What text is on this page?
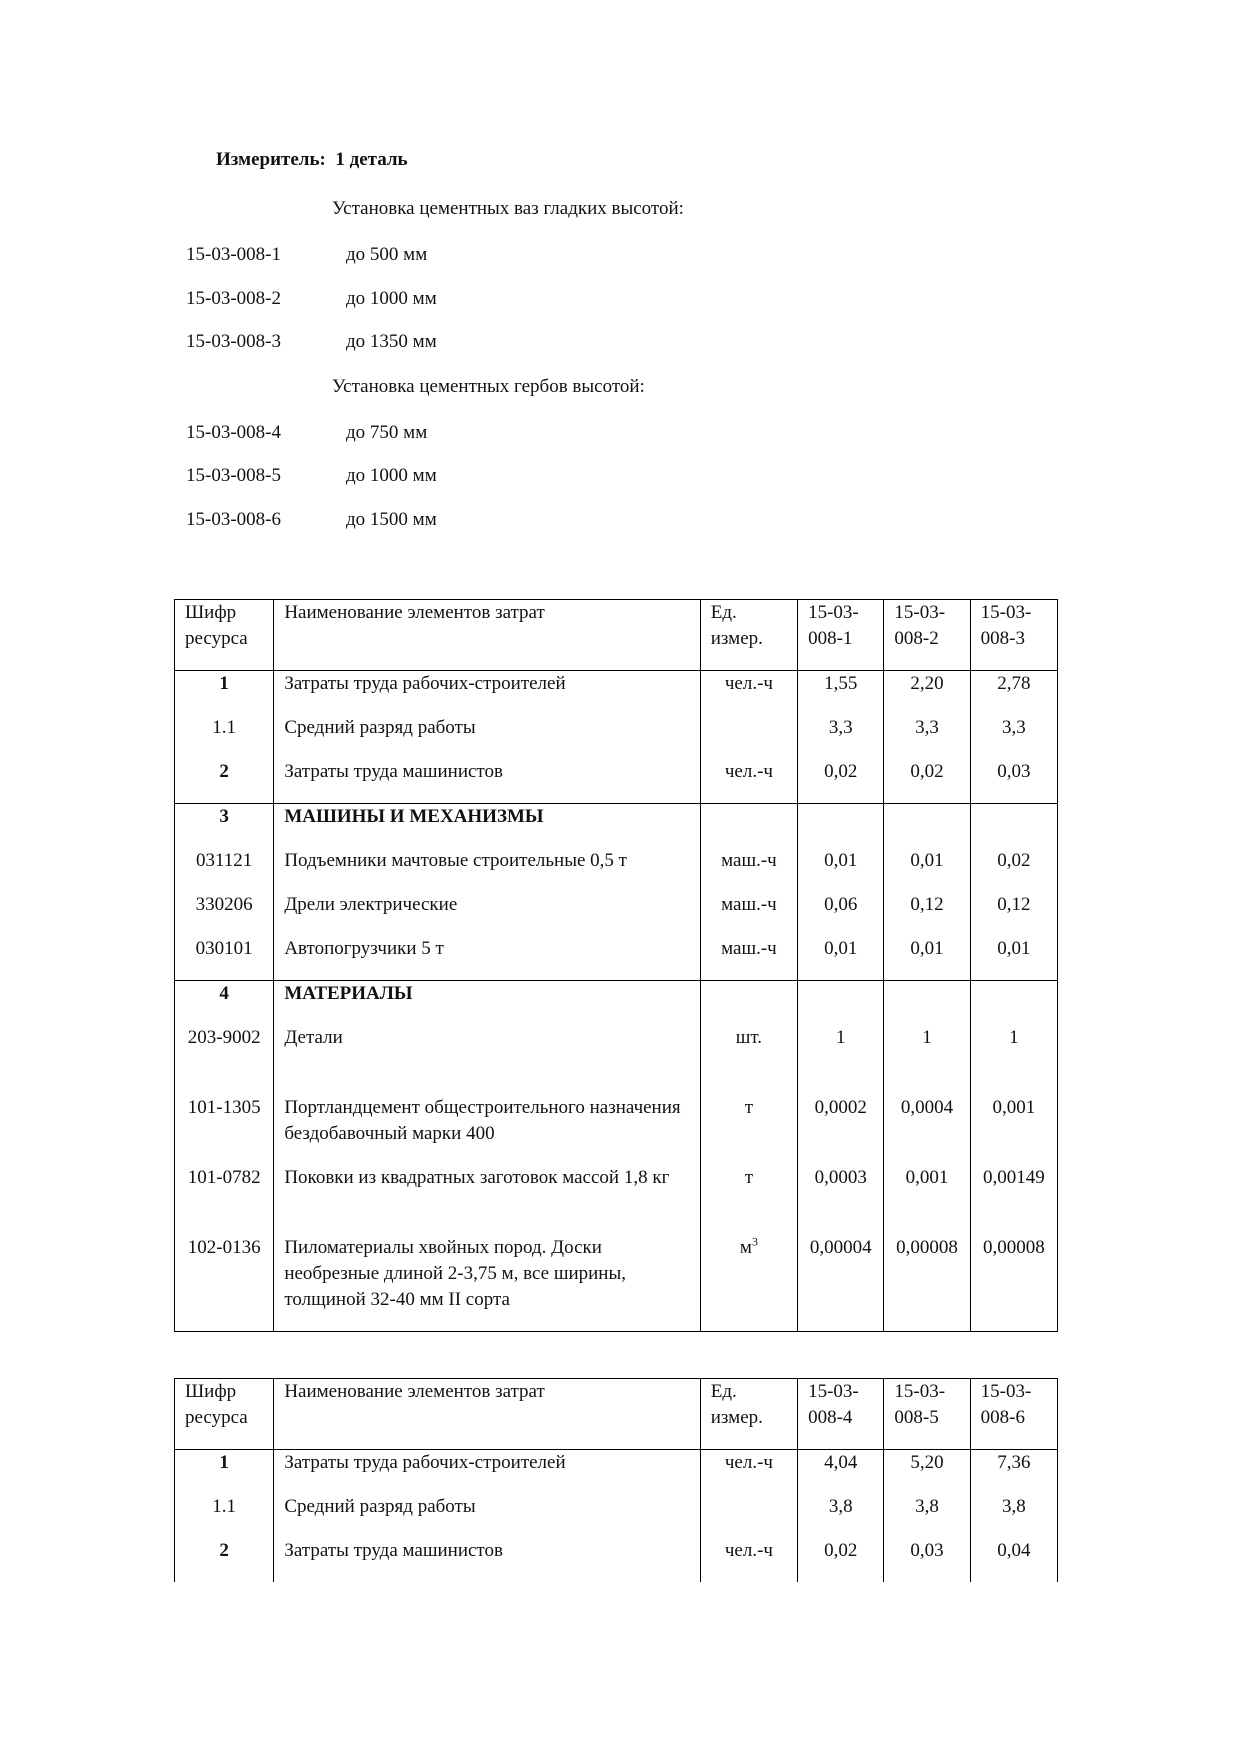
Измеритель: 1 деталь
Установка цементных ваз гладких высотой:
15-03-008-1	до 500 мм
15-03-008-2	до 1000 мм
15-03-008-3	до 1350 мм
Установка цементных гербов высотой:
15-03-008-4	до 750 мм
15-03-008-5	до 1000 мм
15-03-008-6	до 1500 мм
Шифр ресурса	Наименование элементов затрат	Ед. измер.	15-03-008-1	15-03-008-2	15-03-008-3
1	Затраты труда рабочих-строителей	чел.-ч	1,55	2,20	2,78
1.1	Средний разряд работы		3,3	3,3	3,3
2	Затраты труда машинистов	чел.-ч	0,02	0,02	0,03
3	МАШИНЫ И МЕХАНИЗМЫ				
031121	Подъемники мачтовые строительные 0,5 т	маш.-ч	0,01	0,01	0,02
330206	Дрели электрические	маш.-ч	0,06	0,12	0,12
030101	Автопогрузчики 5 т	маш.-ч	0,01	0,01	0,01
4	МАТЕРИАЛЫ				
203-9002	Детали	шт.	1	1	1
101-1305	Портландцемент общестроительного назначения бездобавочный марки 400	т	0,0002	0,0004	0,001
101-0782	Поковки из квадратных заготовок массой 1,8 кг	т	0,0003	0,001	0,00149
102-0136	Пиломатериалы хвойных пород. Доски необрезные длиной 2-3,75 м, все ширины, толщиной 32-40 мм II сорта	$м^3$	0,00004	0,00008	0,00008
Шифр ресурса	Наименование элементов затрат	Ед. измер.	15-03-008-4	15-03-008-5	15-03-008-6
1	Затраты труда рабочих-строителей	чел.-ч	4,04	5,20	7,36
1.1	Средний разряд работы		3,8	3,8	3,8
2	Затраты труда машинистов	чел.-ч	0,02	0,03	0,04
